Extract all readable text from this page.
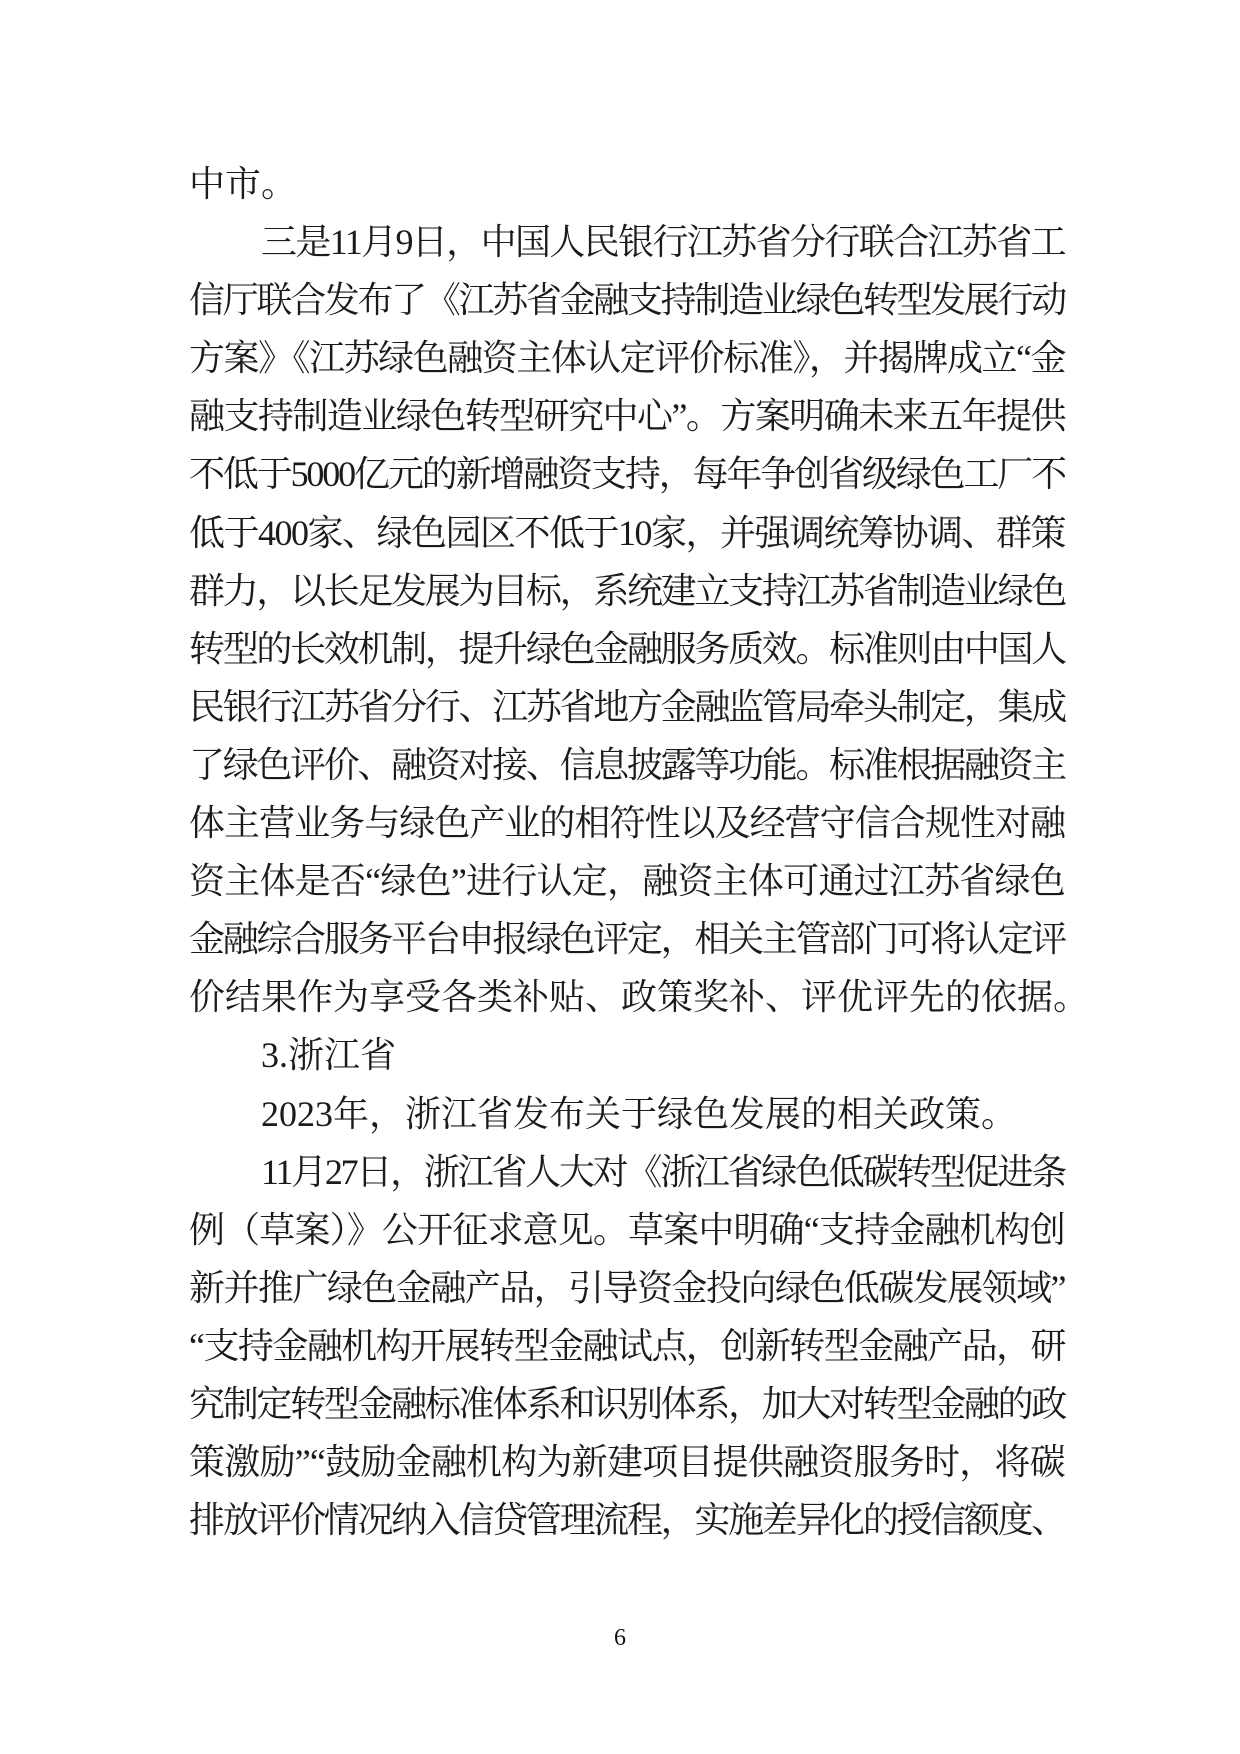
中市。
三是11月9日，中国人民银行江苏省分行联合江苏省工
信厅联合发布了《江苏省金融支持制造业绿色转型发展行动
方案》《江苏绿色融资主体认定评价标准》，并揭牌成立“金
融支持制造业绿色转型研究中心”。方案明确未来五年提供
不低于5000亿元的新增融资支持，每年争创省级绿色工厂不
低于400家、绿色园区不低于10家，并强调统筹协调、群策
群力，以长足发展为目标，系统建立支持江苏省制造业绿色
转型的长效机制，提升绿色金融服务质效。标准则由中国人
民银行江苏省分行、江苏省地方金融监管局牵头制定，集成
了绿色评价、融资对接、信息披露等功能。标准根据融资主
体主营业务与绿色产业的相符性以及经营守信合规性对融
资主体是否“绿色”进行认定，融资主体可通过江苏省绿色
金融综合服务平台申报绿色评定，相关主管部门可将认定评
价结果作为享受各类补贴、政策奖补、评优评先的依据。
3.浙江省
2023年，浙江省发布关于绿色发展的相关政策。
11月27日，浙江省人大对《浙江省绿色低碳转型促进条
例（草案）》公开征求意见。草案中明确“支持金融机构创
新并推广绿色金融产品，引导资金投向绿色低碳发展领域”
“支持金融机构开展转型金融试点，创新转型金融产品，研
究制定转型金融标准体系和识别体系，加大对转型金融的政
策激励”“鼓励金融机构为新建项目提供融资服务时，将碳
排放评价情况纳入信贷管理流程，实施差异化的授信额度、
6
